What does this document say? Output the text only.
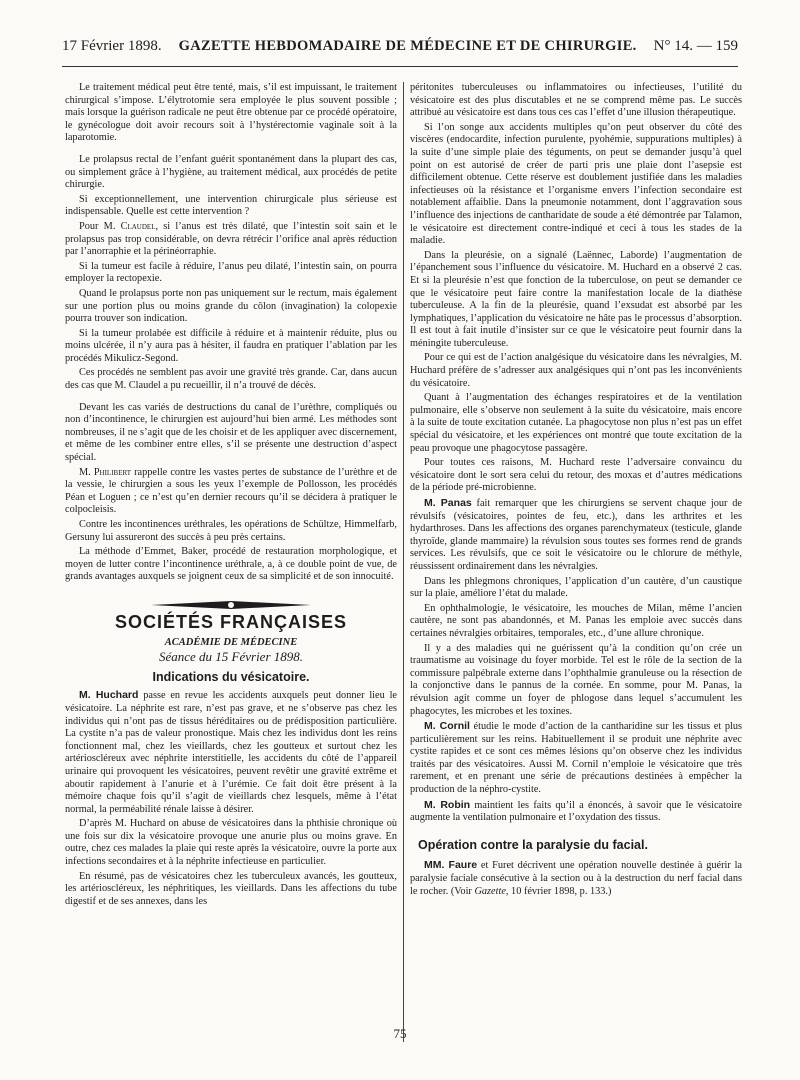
17 Février 1898. GAZETTE HEBDOMADAIRE DE MÉDECINE ET DE CHIRURGIE. N° 14. — 159

Le traitement médical peut être tenté, mais, s’il est impuissant, le traitement chirurgical s’impose. L’élytrotomie sera employée le plus souvent possible ; mais lorsque la guérison radicale ne peut être obtenue par ce procédé opératoire, le gynécologue doit avoir recours soit à l’hystérectomie vaginale soit à la laparotomie.

Le prolapsus rectal de l’enfant guérit spontanément dans la plupart des cas, ou simplement grâce à l’hygiène, au traitement médical, aux procédés de petite chirurgie.

Si exceptionnellement, une intervention chirurgicale plus sérieuse est indispensable. Quelle est cette intervention ?

Pour M. Claudel, si l’anus est très dilaté, que l’intestin soit sain et le prolapsus pas trop considérable, on devra rétrécir l’orifice anal après réduction par l’anorraphie et la périnéorraphie.

Si la tumeur est facile à réduire, l’anus peu dilaté, l’intestin sain, on pourra employer la rectopexie.

Quand le prolapsus porte non pas uniquement sur le rectum, mais également sur une portion plus ou moins grande du côlon (invagination) la colopexie pourra trouver son indication.

Si la tumeur prolabée est difficile à réduire et à maintenir réduite, plus ou moins ulcérée, il n’y aura pas à hésiter, il faudra en pratiquer l’ablation par les procédés Mikulicz-Segond.

Ces procédés ne semblent pas avoir une gravité très grande. Car, dans aucun des cas que M. Claudel a pu recueillir, il n’a trouvé de décès.

Devant les cas variés de destructions du canal de l’urèthre, compliqués ou non d’incontinence, le chirurgien est aujourd’hui bien armé. Les méthodes sont nombreuses, il ne s’agit que de les choisir et de les appliquer avec discernement, et même de les combiner entre elles, s’il se présente une destruction d’aspect spécial.

M. Philibert rappelle contre les vastes pertes de substance de l’urèthre et de la vessie, le chirurgien a sous les yeux l’exemple de Pollosson, les procédés Péan et Loguen ; ce n’est qu’en dernier recours qu’il se décidera à pratiquer le colpocleisis.

Contre les incontinences uréthrales, les opérations de Schültze, Himmelfarb, Gersuny lui assureront des succès à peu près certains.

La méthode d’Emmet, Baker, procédé de restauration morphologique, et moyen de lutter contre l’incontinence uréthrale, a, à ce double point de vue, de grands avantages auxquels se joignent ceux de sa simplicité et de son innocuité.

SOCIÉTÉS FRANÇAISES
ACADÉMIE DE MÉDECINE
Séance du 15 Février 1898.
Indications du vésicatoire.

M. Huchard passe en revue les accidents auxquels peut donner lieu le vésicatoire. La néphrite est rare, n’est pas grave, et ne s’observe pas chez les individus qui n’ont pas de tissus héréditaires ou de prédisposition particulière. La cystite n’a pas de valeur pronostique. Mais chez les individus dont les reins fonctionnent mal, chez les vieillards, chez les goutteux et surtout chez les artérioscléreux avec néphrite interstitielle, les accidents du côté de l’appareil urinaire qui provoquent les vésicatoires, peuvent revêtir une gravité extrême et aboutir rapidement à l’anurie et à l’urémie. Ce fait doit être présent à la mémoire chaque fois qu’il s’agit de vieillards chez lesquels, même à l’état normal, la perméabilité rénale laisse à désirer.

D’après M. Huchard on abuse de vésicatoires dans la phthisie chronique où une fois sur dix la vésicatoire provoque une anurie plus ou moins grave. En outre, chez ces malades la plaie qui reste après la vésicatoire, ouvre la porte aux infections secondaires et à la néphrite infectieuse en particulier.

En résumé, pas de vésicatoires chez les tuberculeux avancés, les goutteux, les artérioscléreux, les néphritiques, les vieillards. Dans les affections du tube digestif et de ses annexes, dans les

péritonites tuberculeuses ou inflammatoires ou infectieuses, l’utilité du vésicatoire est des plus discutables et ne se comprend même pas. Le succès attribué au vésicatoire est dans tous ces cas l’effet d’une illusion thérapeutique.

Si l’on songe aux accidents multiples qu’on peut observer du côté des viscères (endocardite, infection purulente, pyohémie, suppurations multiples) à la suite d’une simple plaie des téguments, on peut se demander jusqu’à quel point on est autorisé de créer de parti pris une plaie dont l’asepsie est difficilement obtenue. Cette réserve est doublement justifiée dans les maladies infectieuses où la résistance et l’organisme envers l’infection secondaire est notablement affaiblie. Dans la pneumonie notamment, dont l’aggravation sous l’influence des injections de cantharidate de soude a été démontrée par Talamon, le vésicatoire est directement contre-indiqué et ceci à tous les stades de la maladie.

Dans la pleurésie, on a signalé (Laënnec, Laborde) l’augmentation de l’épanchement sous l’influence du vésicatoire. M. Huchard en a observé 2 cas. Et si la pleurésie n’est que fonction de la tuberculose, on peut se demander ce que le vésicatoire peut faire contre la manifestation locale de la diathèse tuberculeuse. A la fin de la pleurésie, quand l’exsudat est absorbé par les lymphatiques, l’application du vésicatoire ne hâte pas le processus d’absorption. Il est tout à fait inutile d’insister sur ce que le vésicatoire peut fournir dans la méningite tuberculeuse.

Pour ce qui est de l’action analgésique du vésicatoire dans les névralgies, M. Huchard préfère de s’adresser aux analgésiques qui n’ont pas les inconvénients du vésicatoire.

Quant à l’augmentation des échanges respiratoires et de la ventilation pulmonaire, elle s’observe non seulement à la suite du vésicatoire, mais encore à la suite de toute excitation cutanée. La phagocytose non plus n’est pas un effet spécial du vésicatoire, et les expériences ont montré que toute excitation de la peau provoque une phagocytose passagère.

Pour toutes ces raisons, M. Huchard reste l’adversaire convaincu du vésicatoire dont le sort sera celui du retour, des moxas et d’autres médications de la période pré-microbienne.

M. Panas fait remarquer que les chirurgiens se servent chaque jour de révulsifs (vésicatoires, pointes de feu, etc.), dans les arthrites et les hydarthroses. Dans les affections des organes parenchymateux (testicule, glande thyroïde, glande mammaire) la révulsion sous toutes ses formes rend de grands services. Les révulsifs, que ce soit le vésicatoire ou le chlorure de méthyle, réussissent ordinairement dans les névralgies.

Dans les phlegmons chroniques, l’application d’un cautère, d’un caustique sur la plaie, améliore l’état du malade.

En ophthalmologie, le vésicatoire, les mouches de Milan, même l’ancien cautère, ne sont pas abandonnés, et M. Panas les emploie avec succès dans certaines névralgies orbitaires, temporales, etc., d’une allure chronique.

Il y a des maladies qui ne guérissent qu’à la condition qu’on crée un traumatisme au voisinage du foyer morbide. Tel est le rôle de la section de la commissure palpébrale externe dans l’ophthalmie granuleuse ou la résection de la conjonctive dans le pannus de la cornée. En somme, pour M. Panas, la révulsion agit comme un foyer de phlogose dans lequel s’accumulent les phagocytes, les microbes et les toxines.

M. Cornil étudie le mode d’action de la cantharidine sur les tissus et plus particulièrement sur les reins. Habituellement il se produit une néphrite avec cystite rapides et ce sont ces mêmes lésions qu’on observe chez les individus traités par des vésicatoires. Aussi M. Cornil n’emploie le vésicatoire que très rarement, et en prenant une série de précautions destinées à empêcher la production de la néphro-cystite.

M. Robin maintient les faits qu’il a énoncés, à savoir que le vésicatoire augmente la ventilation pulmonaire et l’oxydation des tissus.

Opération contre la paralysie du facial.

MM. Faure et Furet décrivent une opération nouvelle destinée à guérir la paralysie faciale consécutive à la section ou à la destruction du nerf facial dans le rocher. (Voir Gazette, 10 février 1898, p. 133.)

75
